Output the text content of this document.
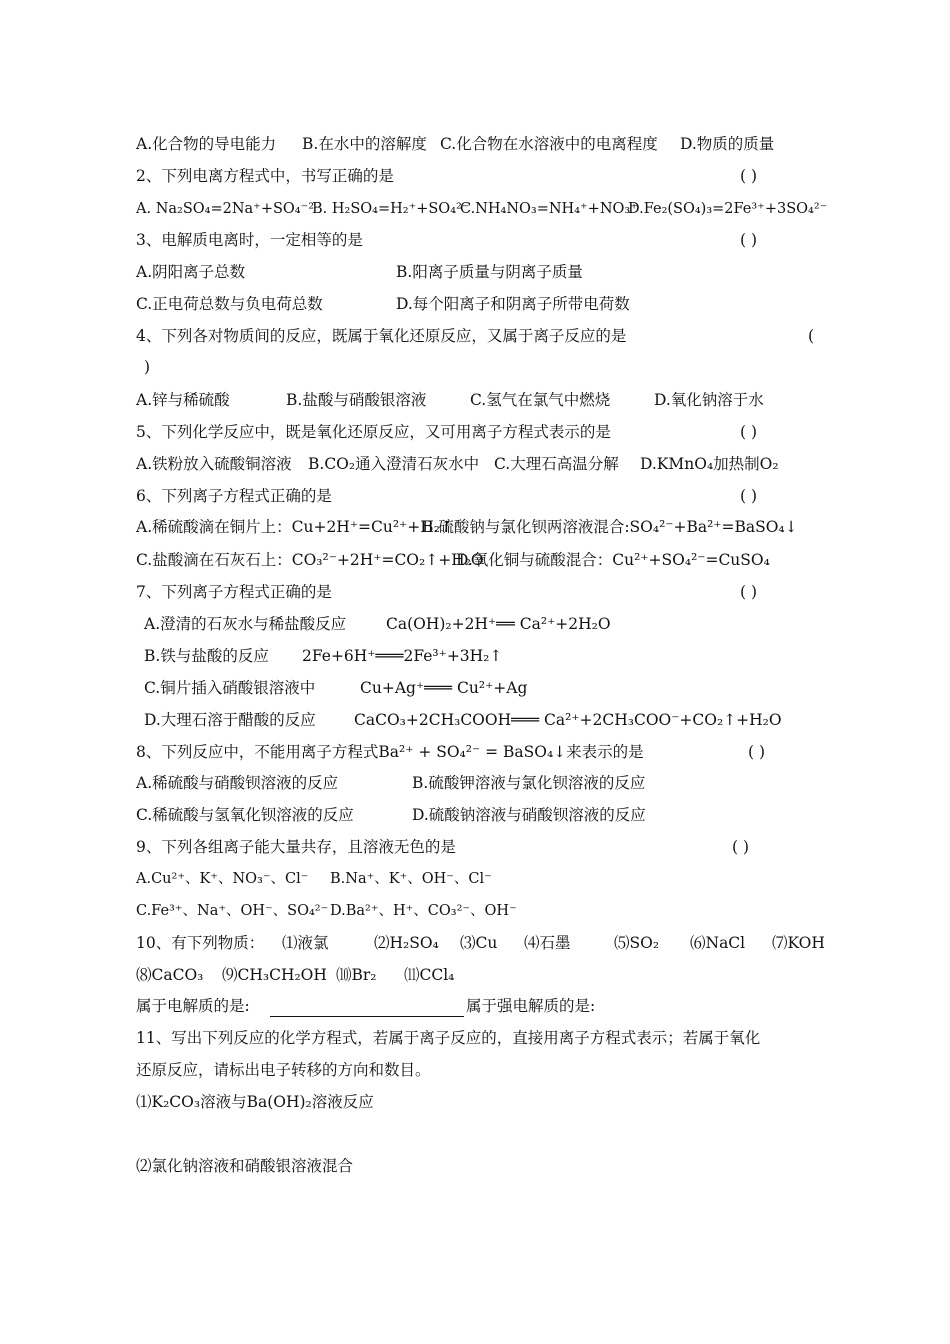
A.化合物的导电能力 B.在水中的溶解度 C.化合物在水溶液中的电离程度 D.物质的质量
2、下列电离方程式中，书写正确的是	( )
A. Na₂SO₄=2Na⁺+SO₄⁻²
B. H₂SO₄=H₂⁺+SO₄²⁻
C.NH₄NO₃=NH₄⁺+NO₃⁺
D.Fe₂(SO₄)₃=2Fe³⁺+3SO₄²⁻
3、电解质电离时，一定相等的是	( )
A.阴阳离子总数	B.阳离子质量与阴离子质量
C.正电荷总数与负电荷总数	D.每个阳离子和阴离子所带电荷数
4、下列各对物质间的反应，既属于氧化还原反应，又属于离子反应的是	(
)
A.锌与稀硫酸	B.盐酸与硝酸银溶液	C.氢气在氯气中燃烧	D.氧化钠溶于水
5、下列化学反应中，既是氧化还原反应，又可用离子方程式表示的是	( )
A.铁粉放入硫酸铜溶液 B.CO₂通入澄清石灰水中 C.大理石高温分解 D.KMnO₄加热制O₂
6、下列离子方程式正确的是	( )
A.稀硫酸滴在铜片上：Cu+2H⁺=Cu²⁺+H₂↑
B.硫酸钠与氯化钡两溶液混合:SO₄²⁻+Ba²⁺=BaSO₄↓
C.盐酸滴在石灰石上：CO₃²⁻+2H⁺=CO₂↑+H₂O
D.氧化铜与硫酸混合：Cu²⁺+SO₄²⁻=CuSO₄
7、下列离子方程式正确的是	( )
A.澄清的石灰水与稀盐酸反应	Ca(OH)₂+2H⁺══ Ca²⁺+2H₂O
B.铁与盐酸的反应 2Fe+6H⁺═══2Fe³⁺+3H₂↑
C.铜片插入硝酸银溶液中	Cu+Ag⁺═══ Cu²⁺+Ag
D.大理石溶于醋酸的反应 CaCO₃+2CH₃COOH═══ Ca²⁺+2CH₃COO⁻+CO₂↑+H₂O
8、下列反应中，不能用离子方程式Ba²⁺ + SO₄²⁻ = BaSO₄↓来表示的是	( )
A.稀硫酸与硝酸钡溶液的反应	B.硫酸钾溶液与氯化钡溶液的反应
C.稀硫酸与氢氧化钡溶液的反应	D.硫酸钠溶液与硝酸钡溶液的反应
9、下列各组离子能大量共存，且溶液无色的是	( )
A.Cu²⁺、K⁺、NO₃⁻、Cl⁻ B.Na⁺、K⁺、OH⁻、Cl⁻
C.Fe³⁺、Na⁺、OH⁻、SO₄²⁻ D.Ba²⁺、H⁺、CO₃²⁻、OH⁻
10、有下列物质： ⑴液氯	⑵H₂SO₄ ⑶Cu ⑷石墨	⑸SO₂ ⑹NaCl ⑺KOH
⑻CaCO₃ ⑼CH₃CH₂OH ⑽Br₂ ⑾CCl₄
属于电解质的是:	属于强电解质的是:
11、写出下列反应的化学方程式，若属于离子反应的，直接用离子方程式表示；若属于氧化
还原反应，请标出电子转移的方向和数目。
⑴K₂CO₃溶液与Ba(OH)₂溶液反应
⑵氯化钠溶液和硝酸银溶液混合
